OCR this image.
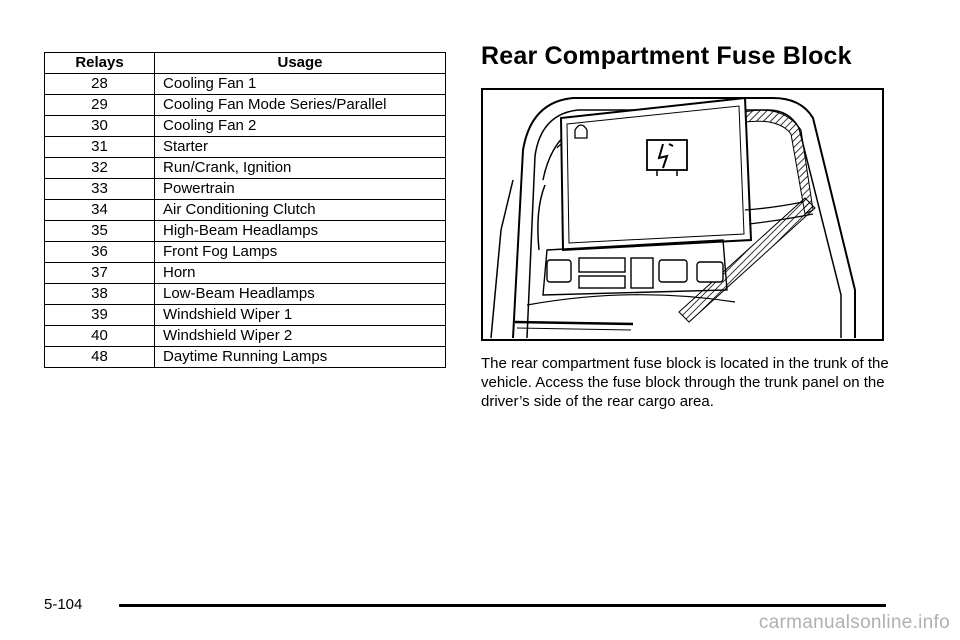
Relays	Usage
28	Cooling Fan 1
29	Cooling Fan Mode Series/Parallel
30	Cooling Fan 2
31	Starter
32	Run/Crank, Ignition
33	Powertrain
34	Air Conditioning Clutch
35	High-Beam Headlamps
36	Front Fog Lamps
37	Horn
38	Low-Beam Headlamps
39	Windshield Wiper 1
40	Windshield Wiper 2
48	Daytime Running Lamps
Rear Compartment Fuse Block

The rear compartment fuse block is located in the trunk of the vehicle. Access the fuse block through the trunk panel on the driver’s side of the rear cargo area.

5-104
carmanualsonline.info
